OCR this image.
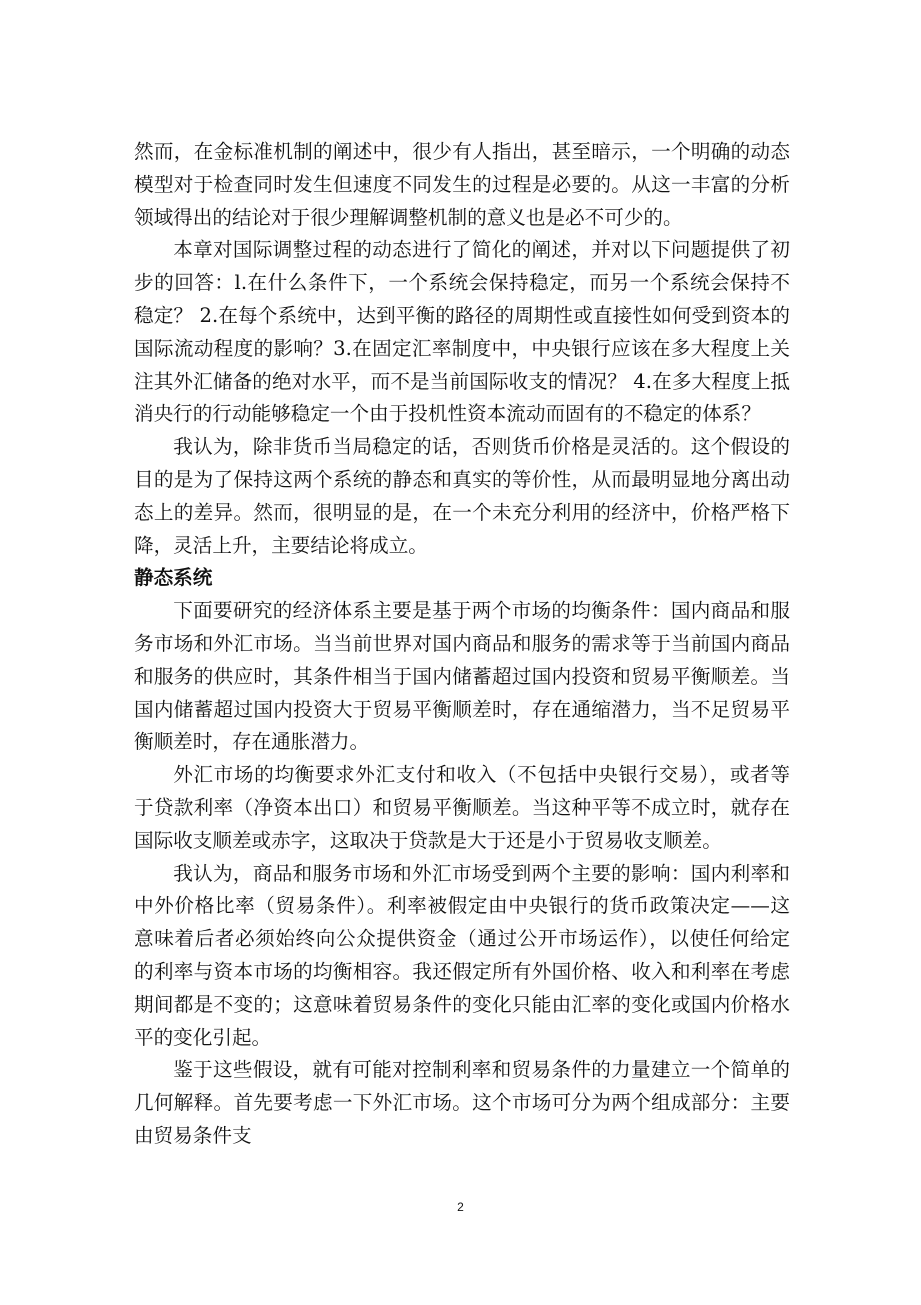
然而，在金标准机制的阐述中，很少有人指出，甚至暗示，一个明确的动态模型对于检查同时发生但速度不同发生的过程是必要的。从这一丰富的分析领域得出的结论对于很少理解调整机制的意义也是必不可少的。

本章对国际调整过程的动态进行了简化的阐述，并对以下问题提供了初步的回答：l.在什么条件下，一个系统会保持稳定，而另一个系统会保持不稳定？ 2.在每个系统中，达到平衡的路径的周期性或直接性如何受到资本的国际流动程度的影响？3.在固定汇率制度中，中央银行应该在多大程度上关注其外汇储备的绝对水平，而不是当前国际收支的情况？ 4.在多大程度上抵消央行的行动能够稳定一个由于投机性资本流动而固有的不稳定的体系？

我认为，除非货币当局稳定的话，否则货币价格是灵活的。这个假设的目的是为了保持这两个系统的静态和真实的等价性，从而最明显地分离出动态上的差异。然而，很明显的是，在一个未充分利用的经济中，价格严格下降，灵活上升，主要结论将成立。

静态系统

下面要研究的经济体系主要是基于两个市场的均衡条件：国内商品和服务市场和外汇市场。当当前世界对国内商品和服务的需求等于当前国内商品和服务的供应时，其条件相当于国内储蓄超过国内投资和贸易平衡顺差。当国内储蓄超过国内投资大于贸易平衡顺差时，存在通缩潜力，当不足贸易平衡顺差时，存在通胀潜力。

外汇市场的均衡要求外汇支付和收入（不包括中央银行交易），或者等于贷款利率（净资本出口）和贸易平衡顺差。当这种平等不成立时，就存在国际收支顺差或赤字，这取决于贷款是大于还是小于贸易收支顺差。

我认为，商品和服务市场和外汇市场受到两个主要的影响：国内利率和中外价格比率（贸易条件）。利率被假定由中央银行的货币政策决定——这意味着后者必须始终向公众提供资金（通过公开市场运作），以使任何给定的利率与资本市场的均衡相容。我还假定所有外国价格、收入和利率在考虑期间都是不变的；这意味着贸易条件的变化只能由汇率的变化或国内价格水平的变化引起。

鉴于这些假设，就有可能对控制利率和贸易条件的力量建立一个简单的几何解释。首先要考虑一下外汇市场。这个市场可分为两个组成部分：主要由贸易条件支

2
